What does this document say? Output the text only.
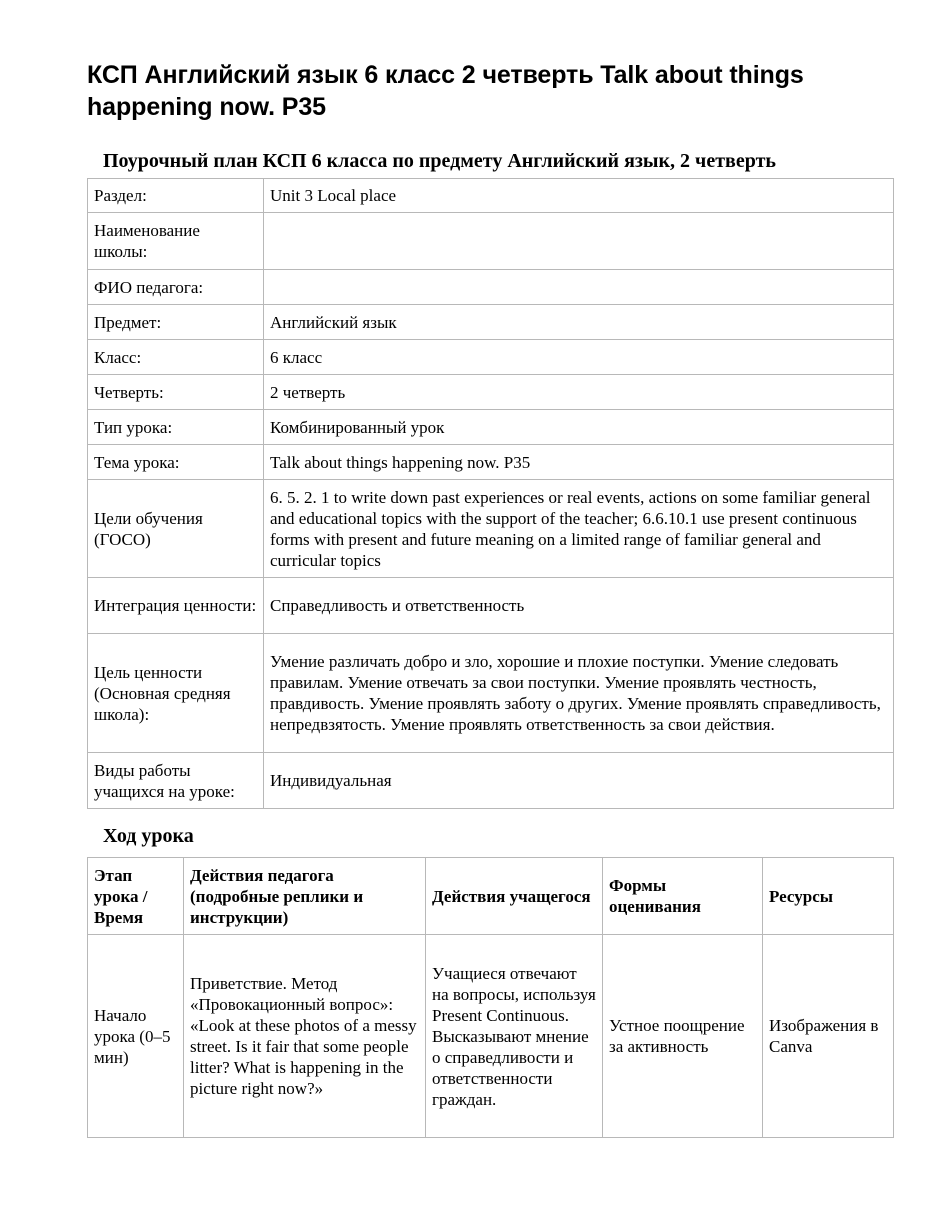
КСП Английский язык 6 класс 2 четверть Talk about things happening now. P35
Поурочный план КСП 6 класса по предмету Английский язык, 2 четверть
Раздел:	Unit 3 Local place
Наименование школы:	
ФИО педагога:	
Предмет:	Английский язык
Класс:	6 класс
Четверть:	2 четверть
Тип урока:	Комбинированный урок
Тема урока:	Talk about things happening now. P35
Цели обучения (ГОСО)	6. 5. 2. 1 to write down past experiences or real events, actions on some familiar general and educational topics with the support of the teacher; 6.6.10.1 use present continuous forms with present and future meaning on a limited range of familiar general and curricular topics
Интеграция ценности:	Справедливость и ответственность
Цель ценности (Основная средняя школа):	Умение различать добро и зло, хорошие и плохие поступки. Умение следовать правилам. Умение отвечать за свои поступки. Умение проявлять честность, правдивость. Умение проявлять заботу о других. Умение проявлять справедливость, непредвзятость. Умение проявлять ответственность за свои действия.
Виды работы учащихся на уроке:	Индивидуальная
Ход урока
Этап урока / Время	Действия педагога (подробные реплики и инструкции)	Действия учащегося	Формы оценивания	Ресурсы
Начало урока (0–5 мин)	Приветствие. Метод «Провокационный вопрос»: «Look at these photos of a messy street. Is it fair that some people litter? What is happening in the picture right now?»	Учащиеся отвечают на вопросы, используя Present Continuous. Высказывают мнение о справедливости и ответственности граждан.	Устное поощрение за активность	Изображения в Canva
